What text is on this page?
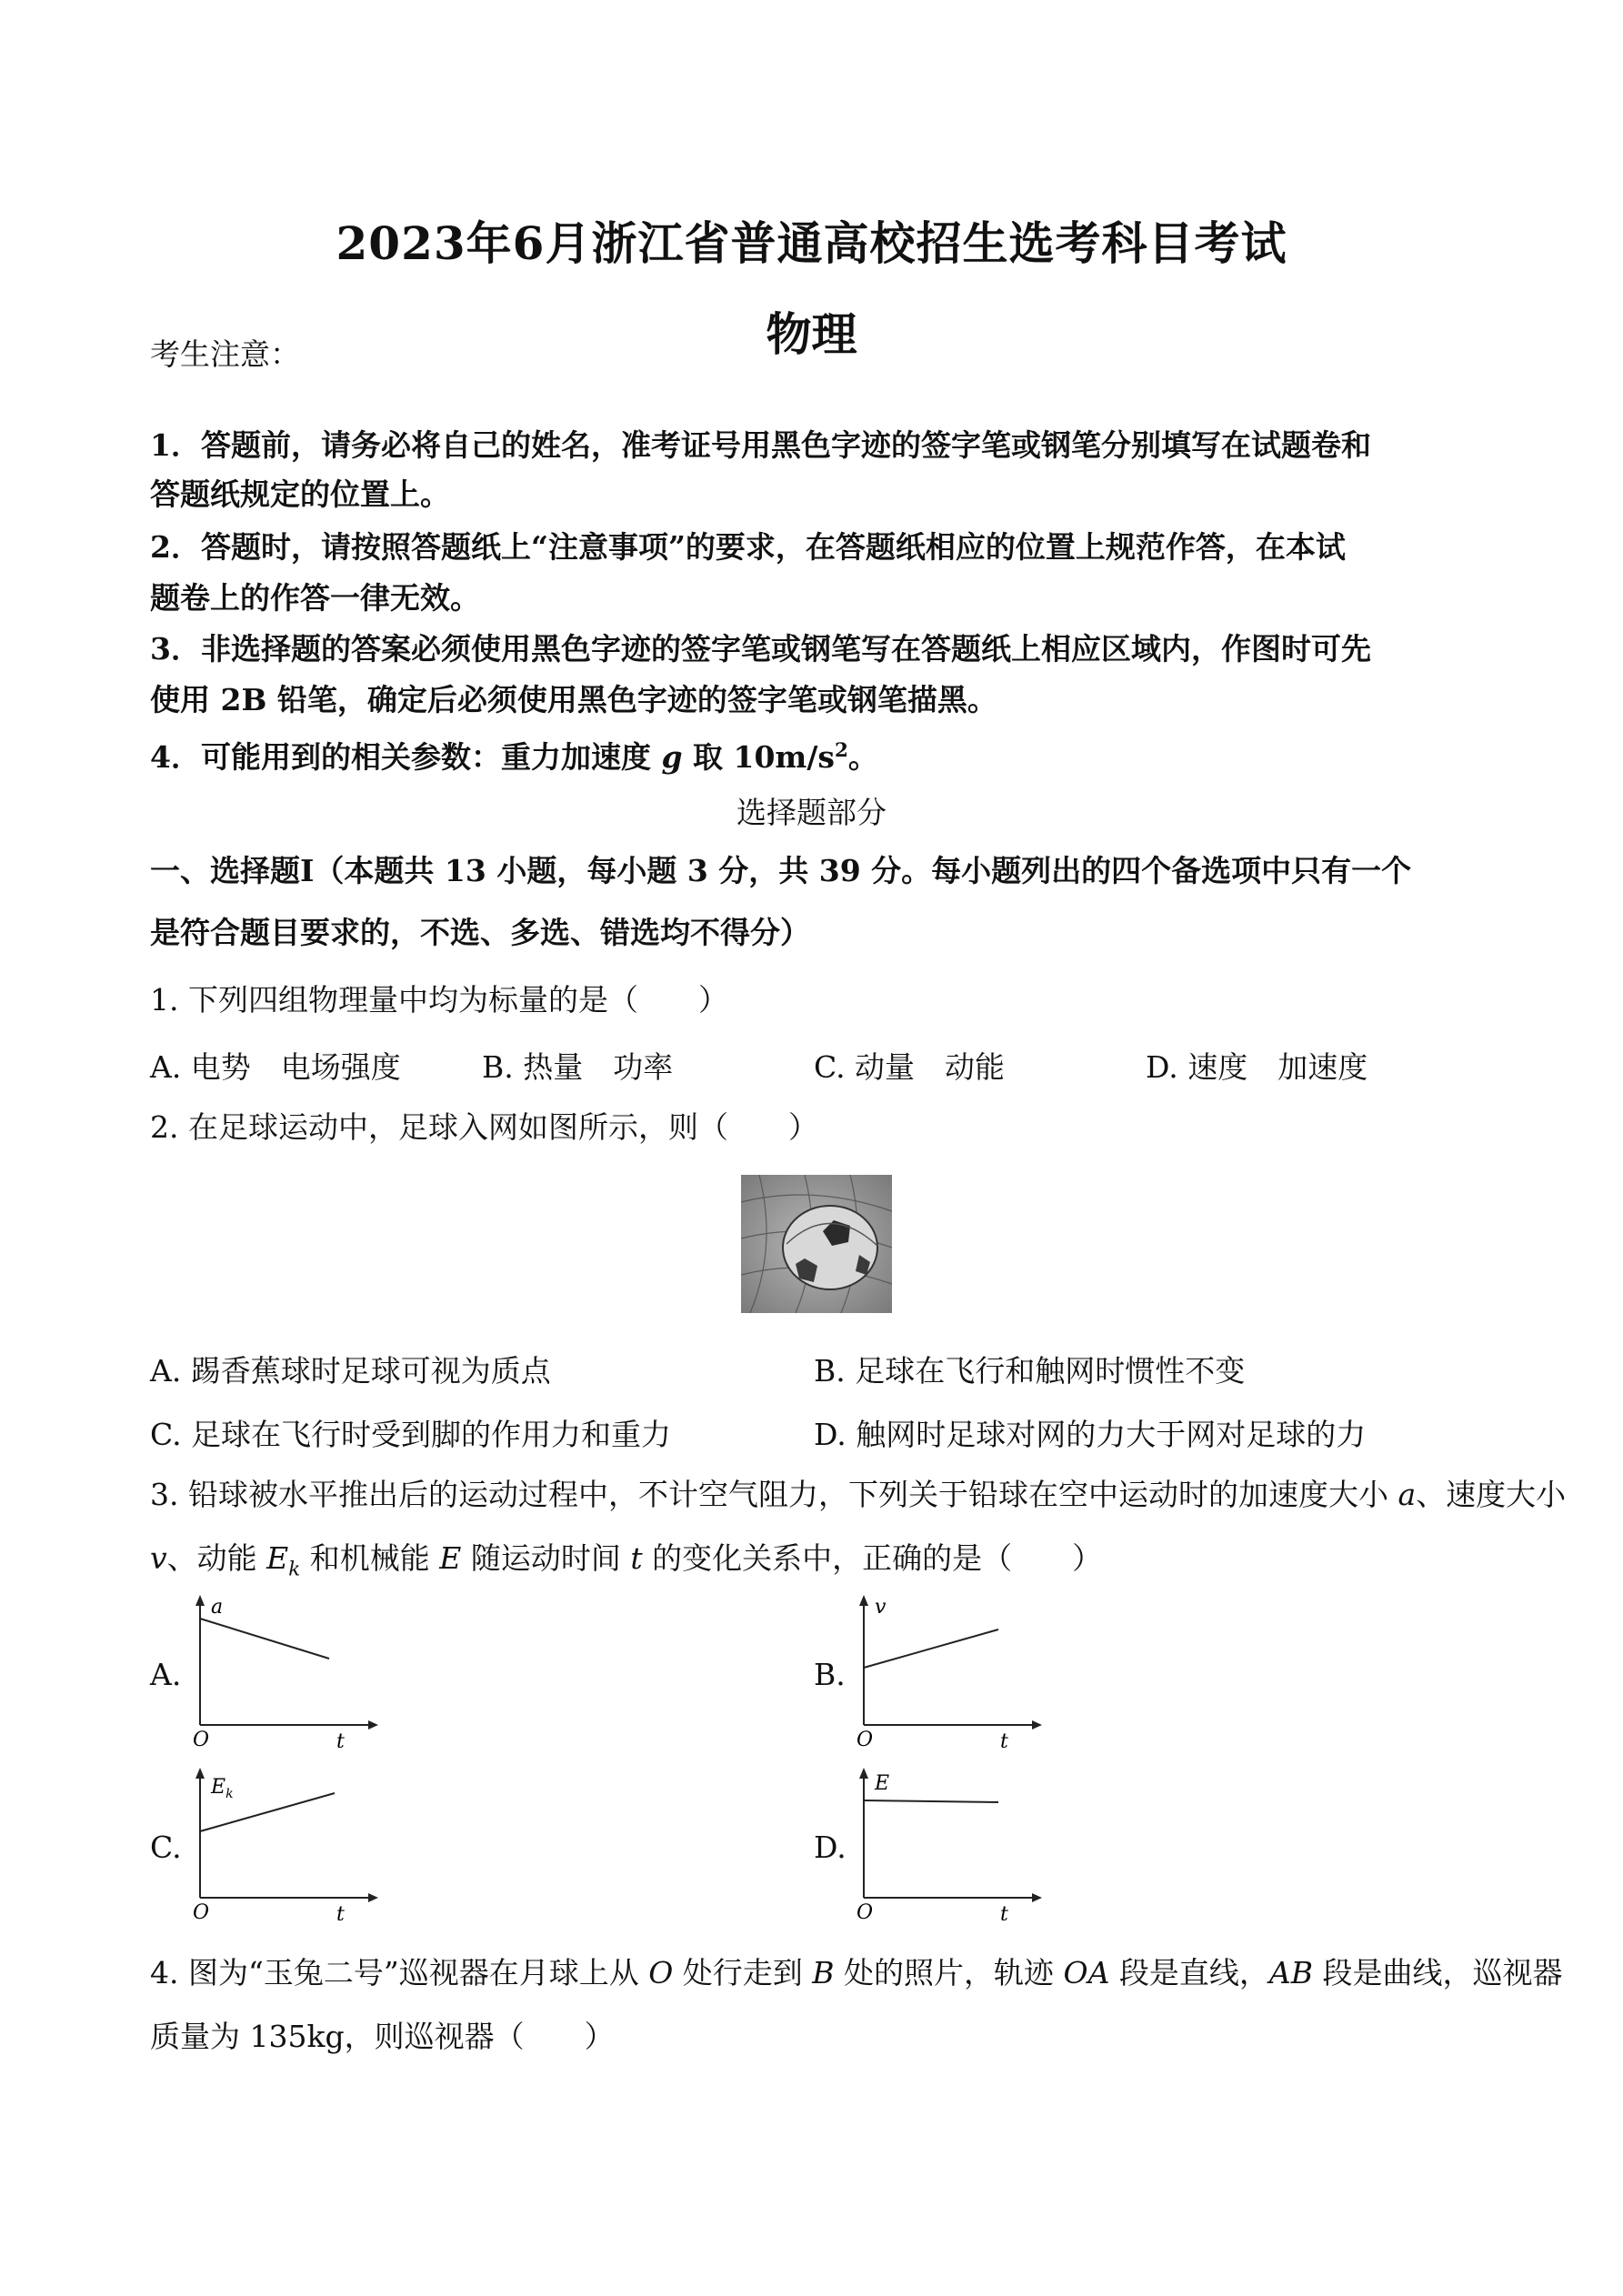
2023年6月浙江省普通高校招生选考科目考试
物理
考生注意：
1．答题前，请务必将自己的姓名，准考证号用黑色字迹的签字笔或钢笔分别填写在试题卷和
答题纸规定的位置上。
2．答题时，请按照答题纸上“注意事项”的要求，在答题纸相应的位置上规范作答，在本试
题卷上的作答一律无效。
3．非选择题的答案必须使用黑色字迹的签字笔或钢笔写在答题纸上相应区域内，作图时可先
使用 2B 铅笔，确定后必须使用黑色字迹的签字笔或钢笔描黑。
4．可能用到的相关参数：重力加速度 g 取 $10m/s^2$。
选择题部分
一、选择题Ⅰ（本题共 13 小题，每小题 3 分，共 39 分。每小题列出的四个备选项中只有一个
是符合题目要求的，不选、多选、错选均不得分）
1. 下列四组物理量中均为标量的是（　　）
A. 电势　电场强度	B. 热量　功率	C. 动量　动能	D. 速度　加速度
2. 在足球运动中，足球入网如图所示，则（　　）
A. 踢香蕉球时足球可视为质点	B. 足球在飞行和触网时惯性不变
C. 足球在飞行时受到脚的作用力和重力	D. 触网时足球对网的力大于网对足球的力
3. 铅球被水平推出后的运动过程中，不计空气阻力，下列关于铅球在空中运动时的加速度大小 a、速度大小
v、动能 $E_k$ 和机械能 E 随运动时间 t 的变化关系中，正确的是（　　）
A.
a
O	t
B.
v
O	t
C.
$E_k$
O	t
D.
E
O	t
4. 图为“玉兔二号”巡视器在月球上从 O 处行走到 B 处的照片，轨迹 OA 段是直线，AB 段是曲线，巡视器
质量为 135kg，则巡视器（　　）
